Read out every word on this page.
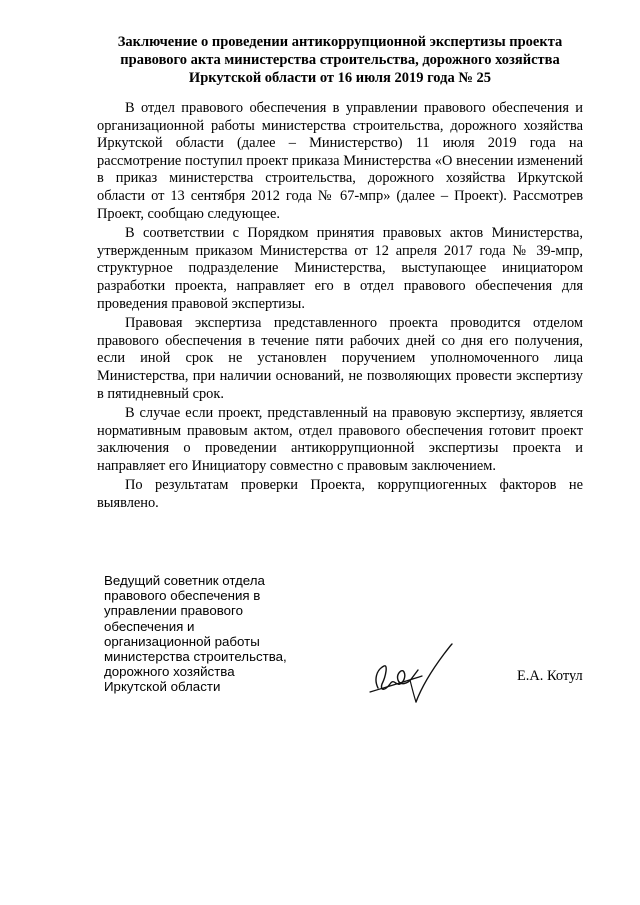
Заключение о проведении антикоррупционной экспертизы проекта
правового акта министерства строительства, дорожного хозяйства
Иркутской области от 16 июля 2019 года № 25

В отдел правового обеспечения в управлении правового обеспечения и организационной работы министерства строительства, дорожного хозяйства Иркутской области (далее – Министерство) 11 июля 2019 года на рассмотрение поступил проект приказа Министерства «О внесении изменений в приказ министерства строительства, дорожного хозяйства Иркутской области от 13 сентября 2012 года № 67-мпр» (далее – Проект). Рассмотрев Проект, сообщаю следующее.

В соответствии с Порядком принятия правовых актов Министерства, утвержденным приказом Министерства от 12 апреля 2017 года № 39-мпр, структурное подразделение Министерства, выступающее инициатором разработки проекта, направляет его в отдел правового обеспечения для проведения правовой экспертизы.

Правовая экспертиза представленного проекта проводится отделом правового обеспечения в течение пяти рабочих дней со дня его получения, если иной срок не установлен поручением уполномоченного лица Министерства, при наличии оснований, не позволяющих провести экспертизу в пятидневный срок.

В случае если проект, представленный на правовую экспертизу, является нормативным правовым актом, отдел правового обеспечения готовит проект заключения о проведении антикоррупционной экспертизы проекта и направляет его Инициатору совместно с правовым заключением.

По результатам проверки Проекта, коррупциогенных факторов не выявлено.

Ведущий советник отдела
правового обеспечения в
управлении правового
обеспечения и
организационной работы
министерства строительства,
дорожного хозяйства
Иркутской области
Е.А. Котул
